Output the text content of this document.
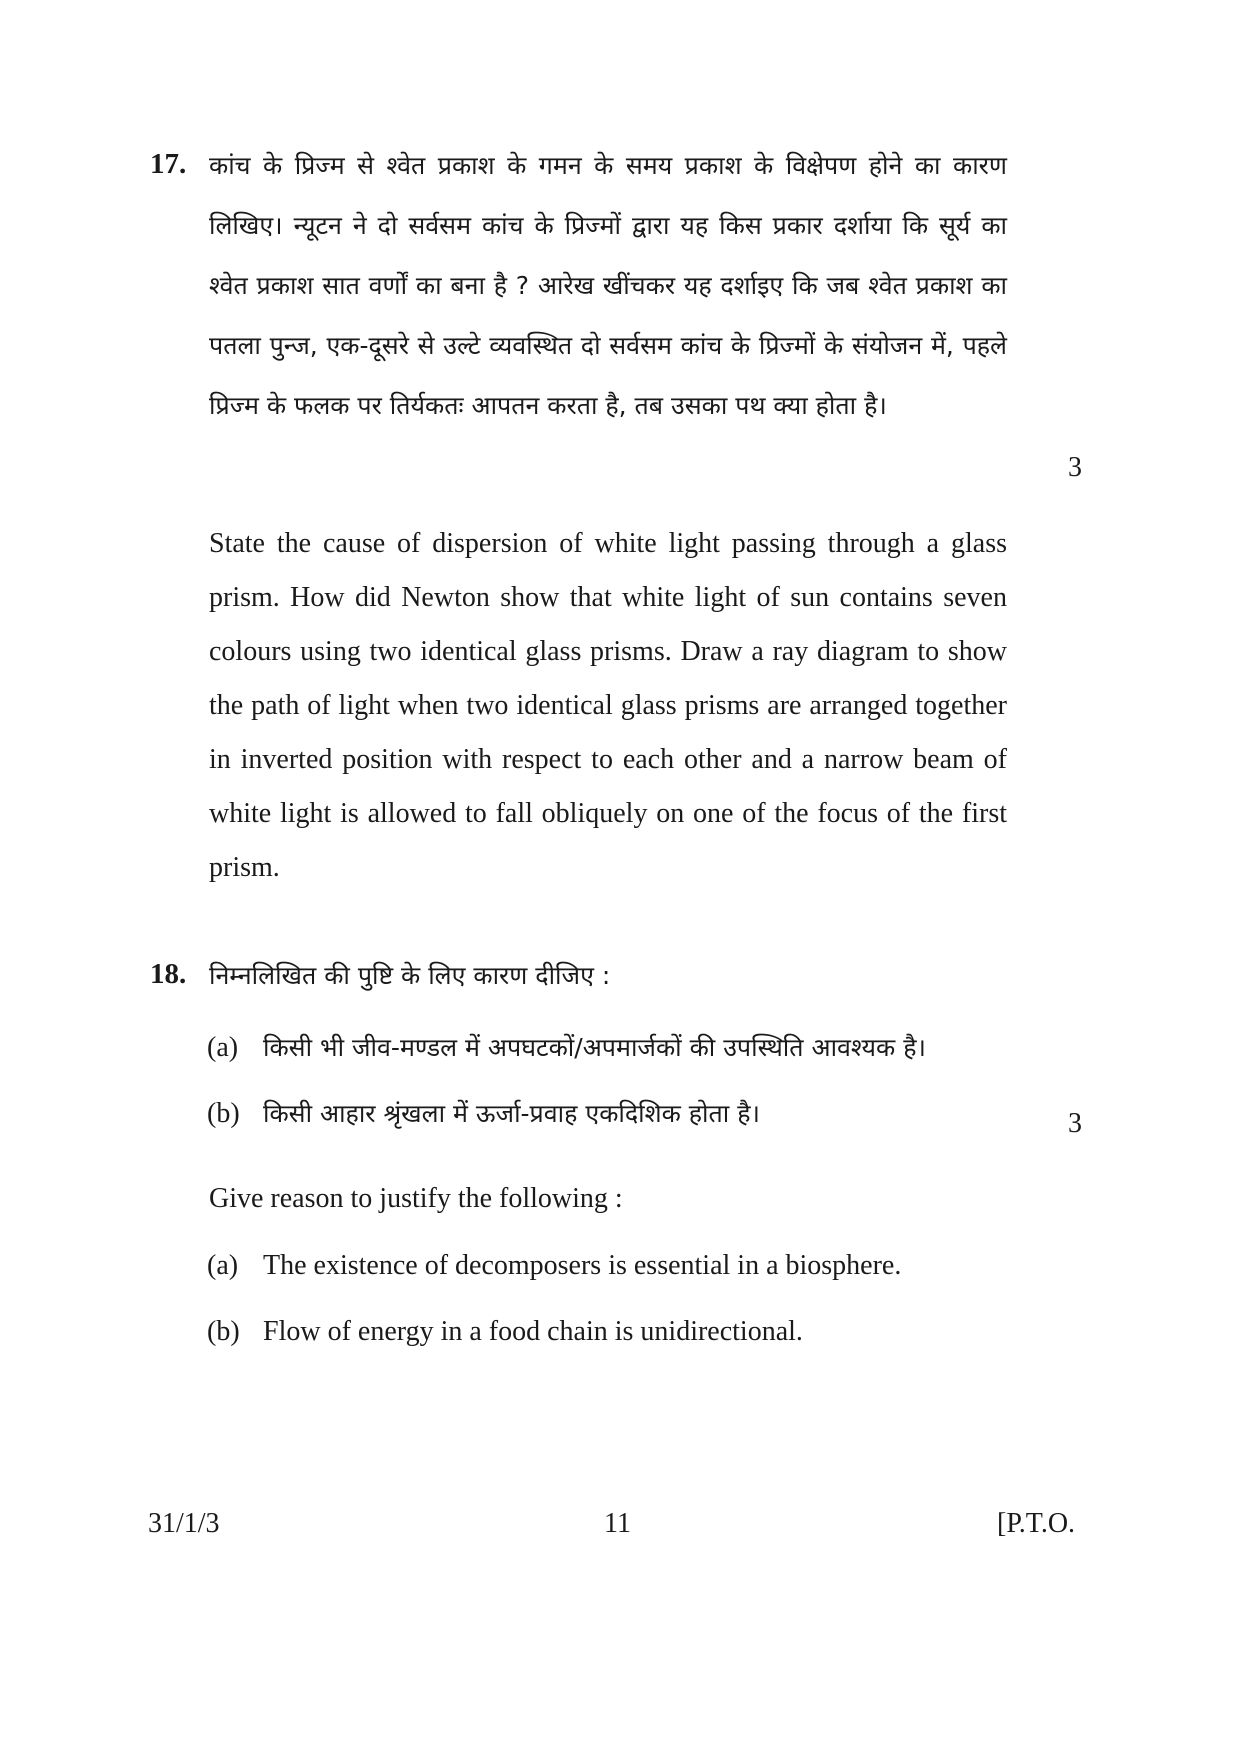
17. कांच के प्रिज्म से श्वेत प्रकाश के गमन के समय प्रकाश के विक्षेपण होने का कारण लिखिए। न्यूटन ने दो सर्वसम कांच के प्रिज्मों द्वारा यह किस प्रकार दर्शाया कि सूर्य का श्वेत प्रकाश सात वर्णों का बना है ? आरेख खींचकर यह दर्शाइए कि जब श्वेत प्रकाश का पतला पुन्ज, एक-दूसरे से उल्टे व्यवस्थित दो सर्वसम कांच के प्रिज्मों के संयोजन में, पहले प्रिज्म के फलक पर तिर्यकतः आपतन करता है, तब उसका पथ क्या होता है।

3

State the cause of dispersion of white light passing through a glass prism. How did Newton show that white light of sun contains seven colours using two identical glass prisms. Draw a ray diagram to show the path of light when two identical glass prisms are arranged together in inverted position with respect to each other and a narrow beam of white light is allowed to fall obliquely on one of the focus of the first prism.

18. निम्नलिखित की पुष्टि के लिए कारण दीजिए :
(a) किसी भी जीव-मण्डल में अपघटकों/अपमार्जकों की उपस्थिति आवश्यक है।
(b) किसी आहार श्रृंखला में ऊर्जा-प्रवाह एकदिशिक होता है।	3
Give reason to justify the following :
(a) The existence of decomposers is essential in a biosphere.
(b) Flow of energy in a food chain is unidirectional.
31/1/3	11	[P.T.O.
